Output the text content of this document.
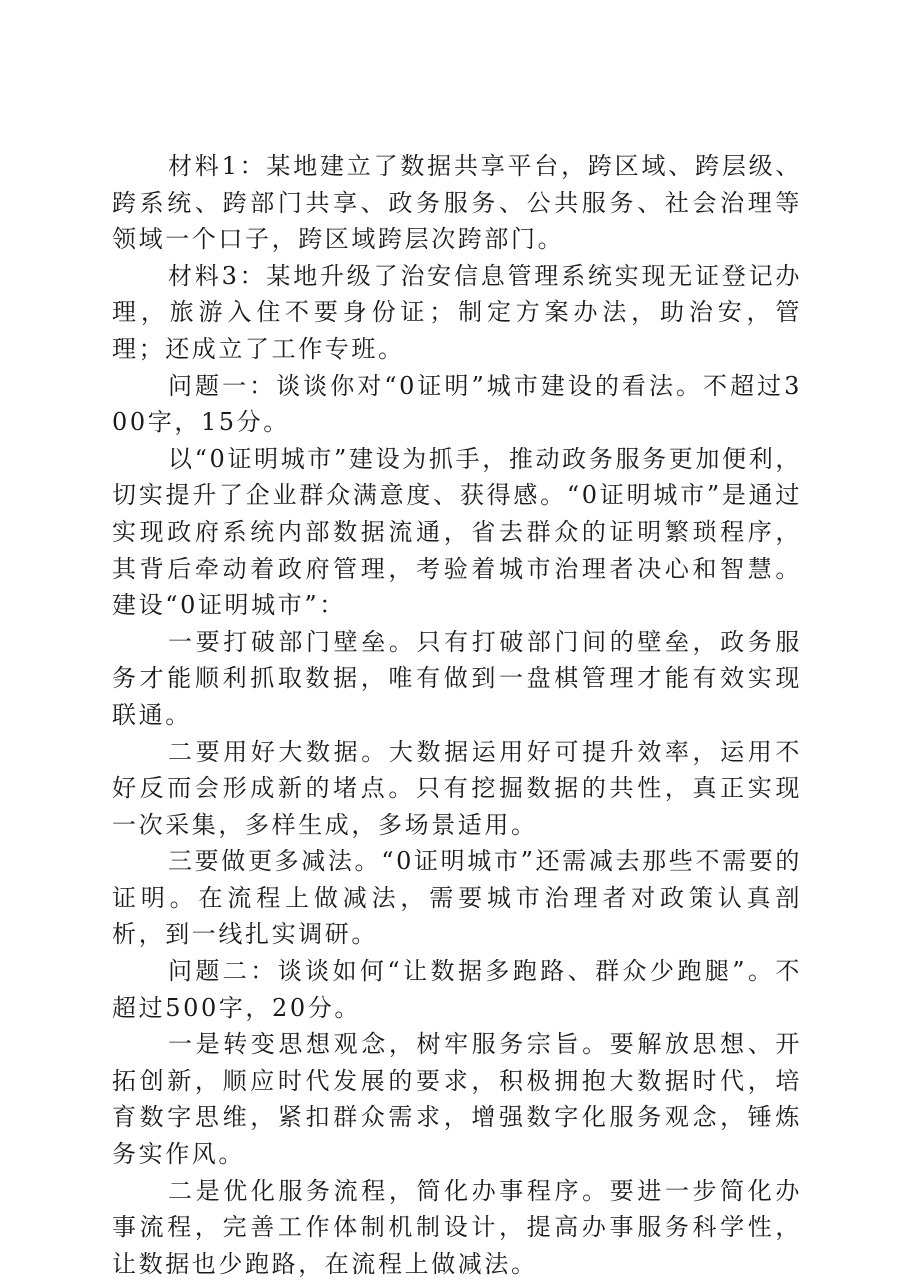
材料1：某地建立了数据共享平台，跨区域、跨层级、跨系统、跨部门共享、政务服务、公共服务、社会治理等领域一个口子，跨区域跨层次跨部门。

材料3：某地升级了治安信息管理系统实现无证登记办理，旅游入住不要身份证；制定方案办法，助治安，管理；还成立了工作专班。

问题一：谈谈你对“0证明”城市建设的看法。不超过300字，15分。

以“0证明城市”建设为抓手，推动政务服务更加便利，切实提升了企业群众满意度、获得感。“0证明城市”是通过实现政府系统内部数据流通，省去群众的证明繁琐程序，其背后牵动着政府管理，考验着城市治理者决心和智慧。建设“0证明城市”：

一要打破部门壁垒。只有打破部门间的壁垒，政务服务才能顺利抓取数据，唯有做到一盘棋管理才能有效实现联通。

二要用好大数据。大数据运用好可提升效率，运用不好反而会形成新的堵点。只有挖掘数据的共性，真正实现一次采集，多样生成，多场景适用。

三要做更多减法。“0证明城市”还需减去那些不需要的证明。在流程上做减法，需要城市治理者对政策认真剖析，到一线扎实调研。

问题二：谈谈如何“让数据多跑路、群众少跑腿”。不超过500字，20分。

一是转变思想观念，树牢服务宗旨。要解放思想、开拓创新，顺应时代发展的要求，积极拥抱大数据时代，培育数字思维，紧扣群众需求，增强数字化服务观念，锤炼务实作风。

二是优化服务流程，简化办事程序。要进一步简化办事流程，完善工作体制机制设计，提高办事服务科学性，让数据也少跑路，在流程上做减法。
